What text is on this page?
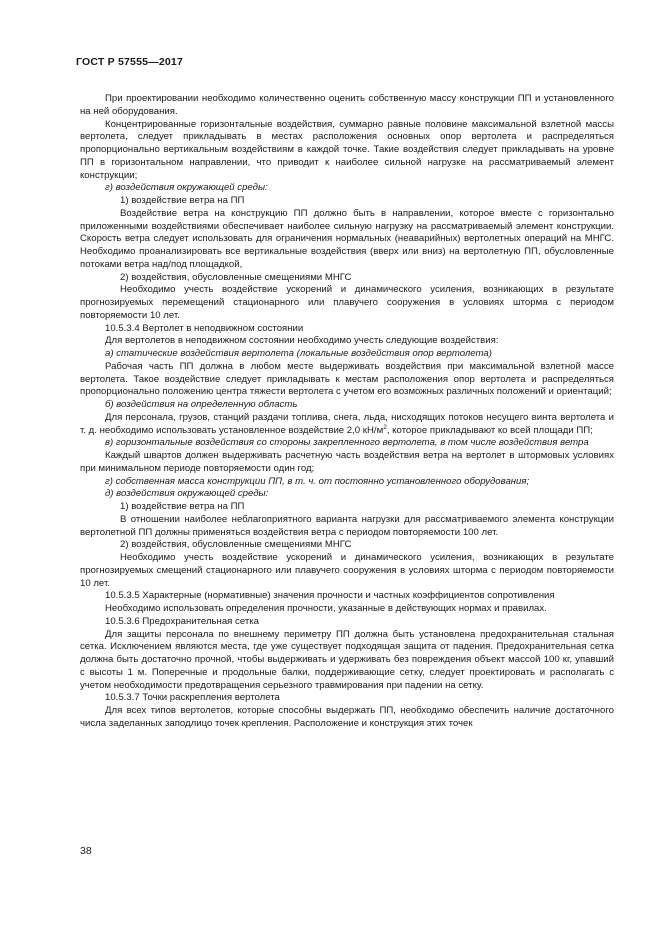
ГОСТ Р 57555—2017

При проектировании необходимо количественно оценить собственную массу конструкции ПП и установленного на ней оборудования.

Концентрированные горизонтальные воздействия, суммарно равные половине максимальной взлетной массы вертолета, следует прикладывать в местах расположения основных опор вертолета и распределяться пропорционально вертикальным воздействиям в каждой точке. Такие воздействия следует прикладывать на уровне ПП в горизонтальном направлении, что приводит к наиболее сильной нагрузке на рассматриваемый элемент конструкции;

г) воздействия окружающей среды:

1) воздействие ветра на ПП

Воздействие ветра на конструкцию ПП должно быть в направлении, которое вместе с горизонтально приложенными воздействиями обеспечивает наиболее сильную нагрузку на рассматриваемый элемент конструкции. Скорость ветра следует использовать для ограничения нормальных (неаварийных) вертолетных операций на МНГС. Необходимо проанализировать все вертикальные воздействия (вверх или вниз) на вертолетную ПП, обусловленные потоками ветра над/под площадкой,

2) воздействия, обусловленные смещениями МНГС

Необходимо учесть воздействие ускорений и динамического усиления, возникающих в результате прогнозируемых перемещений стационарного или плавучего сооружения в условиях шторма с периодом повторяемости 10 лет.

10.5.3.4 Вертолет в неподвижном состоянии

Для вертолетов в неподвижном состоянии необходимо учесть следующие воздействия:

а) статические воздействия вертолета (локальные воздействия опор вертолета)

Рабочая часть ПП должна в любом месте выдерживать воздействия при максимальной взлетной массе вертолета. Такое воздействие следует прикладывать к местам расположения опор вертолета и распределяться пропорционально положению центра тяжести вертолета с учетом его возможных различных положений и ориентаций;

б) воздействия на определенную область

Для персонала, грузов, станций раздачи топлива, снега, льда, нисходящих потоков несущего винта вертолета и т. д. необходимо использовать установленное воздействие 2,0 $кН/м^2$, которое прикладывают ко всей площади ПП;

в) горизонтальные воздействия со стороны закрепленного вертолета, в том числе воздействия ветра

Каждый швартов должен выдерживать расчетную часть воздействия ветра на вертолет в штормовых условиях при минимальном периоде повторяемости один год;

г) собственная масса конструкции ПП, в т. ч. от постоянно установленного оборудования;

д) воздействия окружающей среды:

1) воздействие ветра на ПП

В отношении наиболее неблагоприятного варианта нагрузки для рассматриваемого элемента конструкции вертолетной ПП должны применяться воздействия ветра с периодом повторяемости 100 лет.

2) воздействия, обусловленные смещениями МНГС

Необходимо учесть воздействие ускорений и динамического усиления, возникающих в результате прогнозируемых смещений стационарного или плавучего сооружения в условиях шторма с периодом повторяемости 10 лет.

10.5.3.5 Характерные (нормативные) значения прочности и частных коэффициентов сопротивления

Необходимо использовать определения прочности, указанные в действующих нормах и правилах.

10.5.3.6 Предохранительная сетка

Для защиты персонала по внешнему периметру ПП должна быть установлена предохранительная стальная сетка. Исключением являются места, где уже существует подходящая защита от падения. Предохранительная сетка должна быть достаточно прочной, чтобы выдерживать и удерживать без повреждения объект массой 100 кг, упавший с высоты 1 м. Поперечные и продольные балки, поддерживающие сетку, следует проектировать и располагать с учетом необходимости предотвращения серьезного травмирования при падении на сетку.

10.5.3.7 Точки раскрепления вертолета

Для всех типов вертолетов, которые способны выдержать ПП, необходимо обеспечить наличие достаточного числа заделанных заподлицо точек крепления. Расположение и конструкция этих точек

38
